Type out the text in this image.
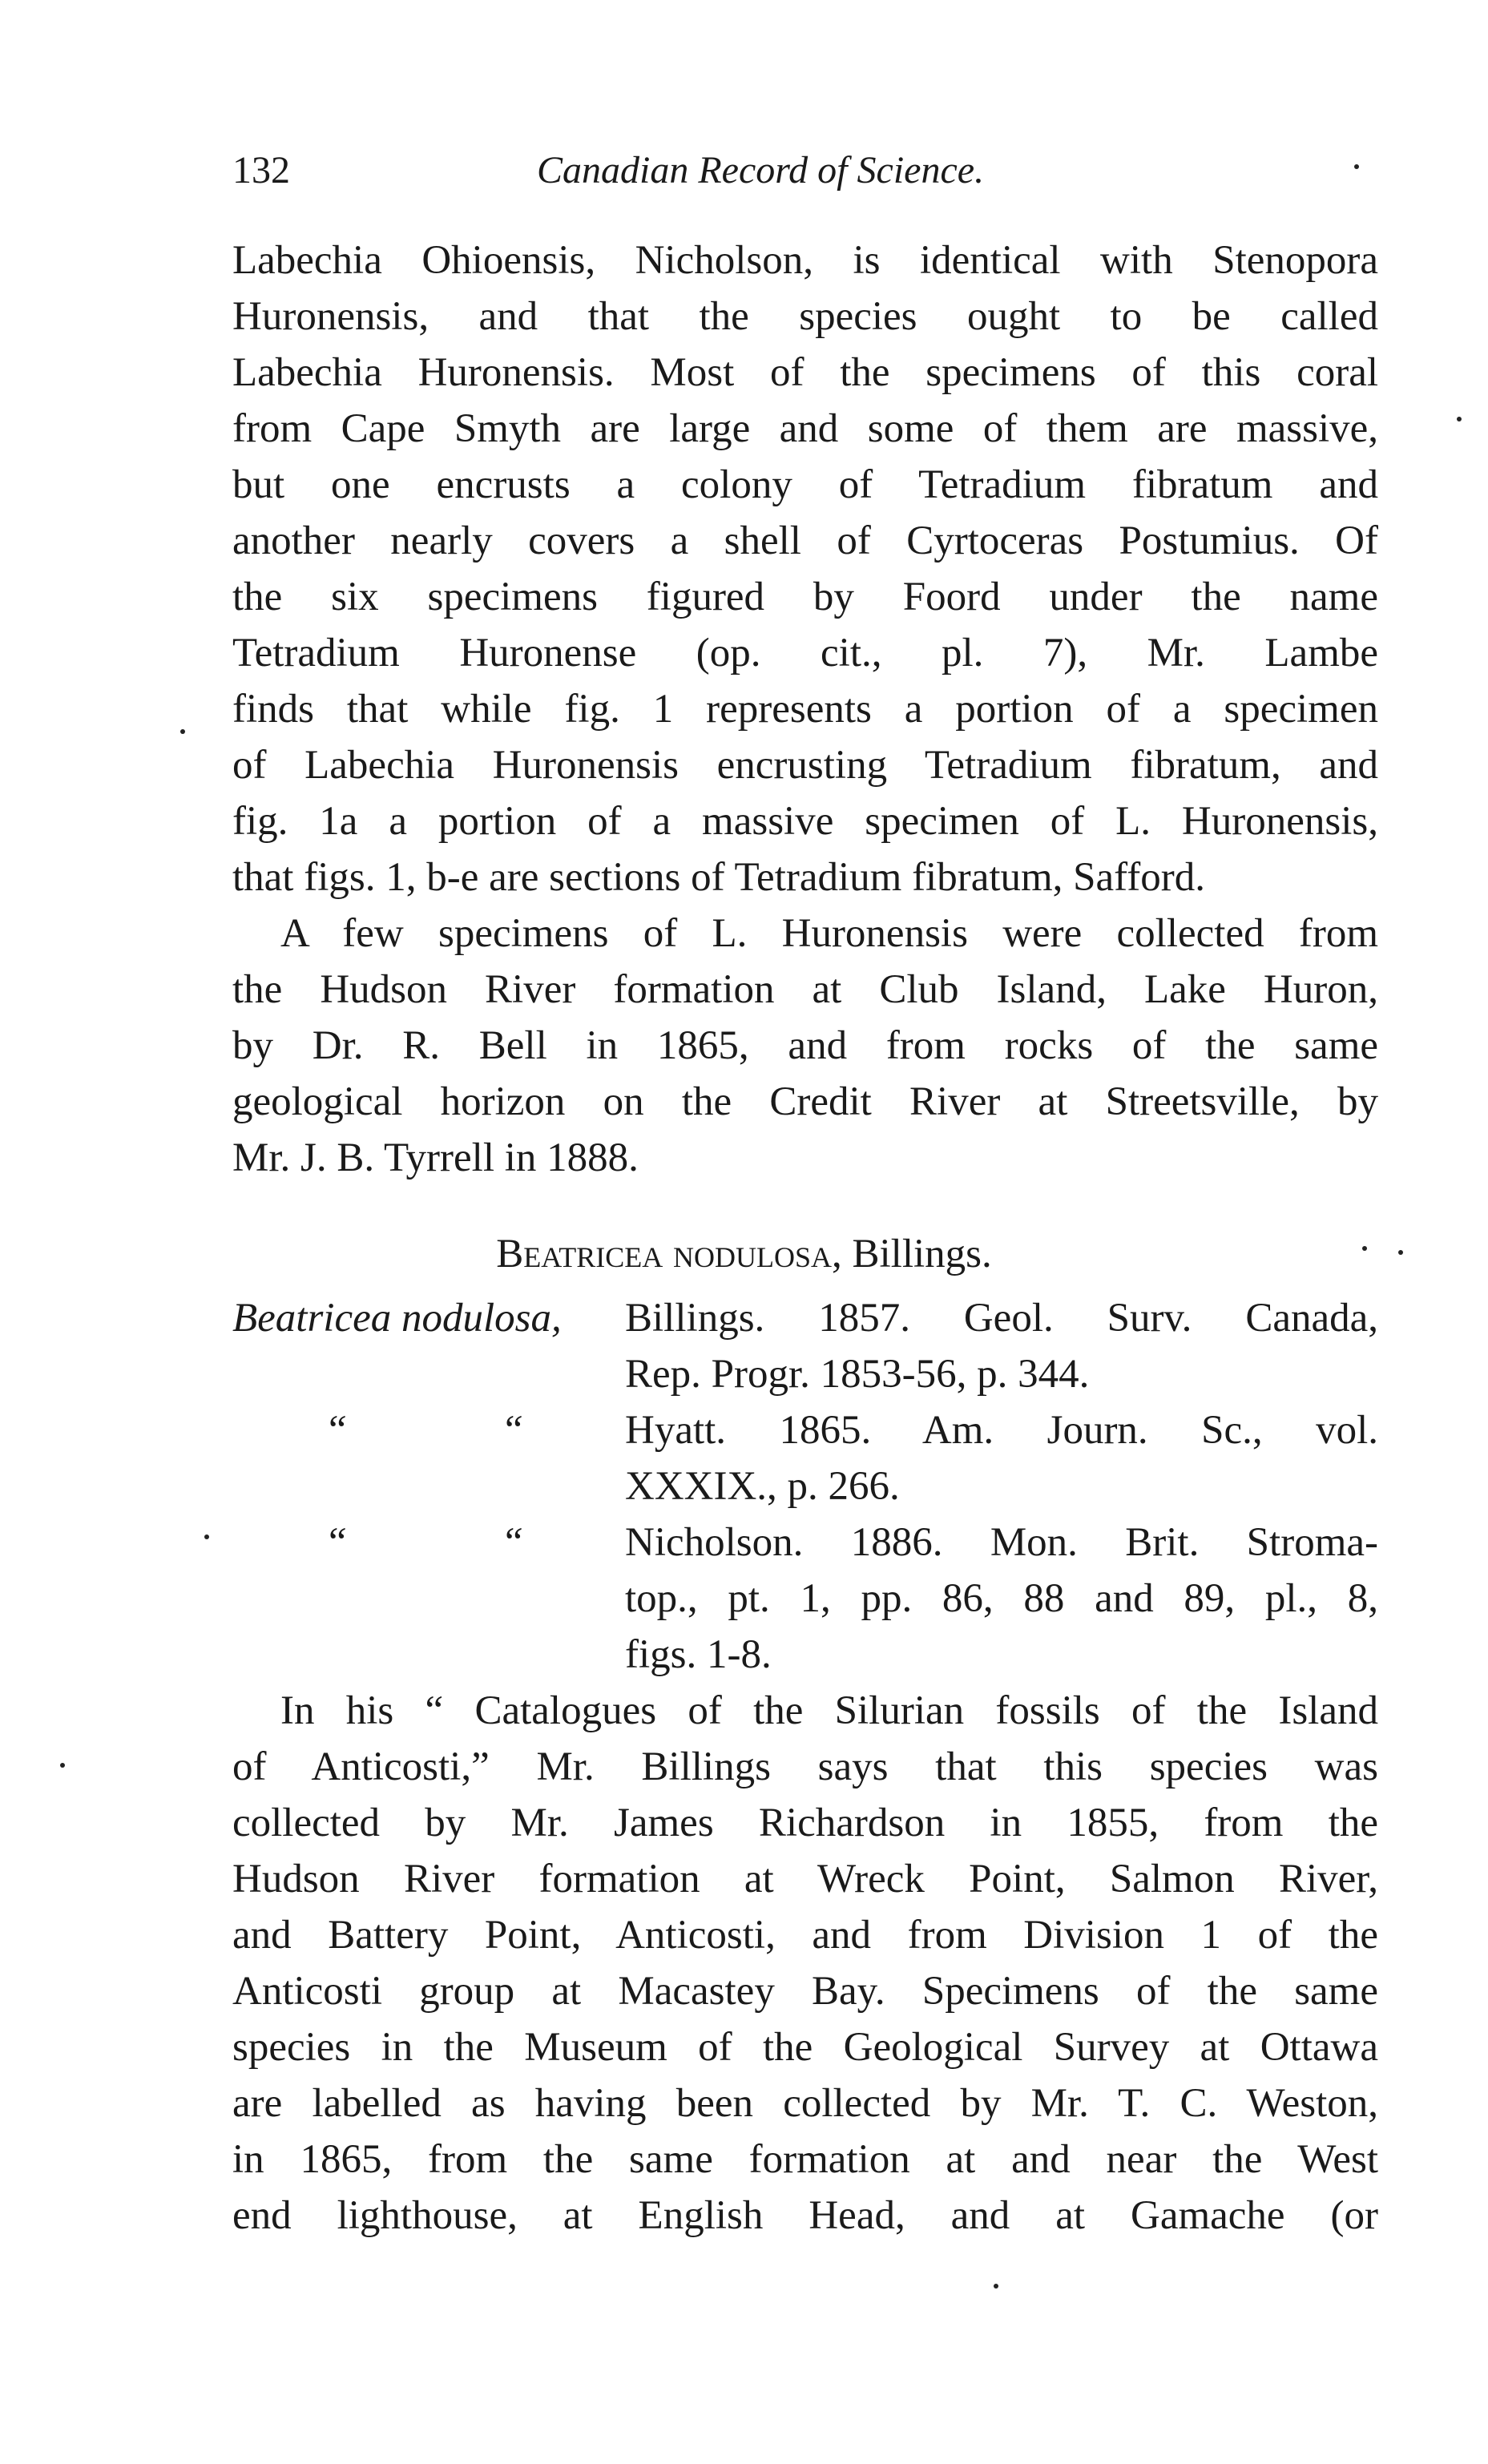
132	Canadian Record of Science.
Labechia Ohioensis, Nicholson, is identical with Stenopora
Huronensis, and that the species ought to be called
Labechia Huronensis. Most of the specimens of this coral
from Cape Smyth are large and some of them are massive,
but one encrusts a colony of Tetradium fibratum and
another nearly covers a shell of Cyrtoceras Postumius. Of
the six specimens figured by Foord under the name
Tetradium Huronense (op. cit., pl. 7), Mr. Lambe
finds that while fig. 1 represents a portion of a specimen
of Labechia Huronensis encrusting Tetradium fibratum, and
fig. 1a a portion of a massive specimen of L. Huronensis,
that figs. 1, b-e are sections of Tetradium fibratum, Safford.
A few specimens of L. Huronensis were collected from
the Hudson River formation at Club Island, Lake Huron,
by Dr. R. Bell in 1865, and from rocks of the same
geological horizon on the Credit River at Streetsville, by
Mr. J. B. Tyrrell in 1888.
Beatricea nodulosa, Billings.
Beatricea nodulosa, Billings. 1857. Geol. Surv. Canada,
Rep. Progr. 1853-56, p. 344.
“	“ Hyatt. 1865. Am. Journ. Sc., vol.
XXXIX., p. 266.
“	“ Nicholson. 1886. Mon. Brit. Stroma-
top., pt. 1, pp. 86, 88 and 89, pl., 8,
figs. 1-8.
In his “ Catalogues of the Silurian fossils of the Island
of Anticosti,” Mr. Billings says that this species was
collected by Mr. James Richardson in 1855, from the
Hudson River formation at Wreck Point, Salmon River,
and Battery Point, Anticosti, and from Division 1 of the
Anticosti group at Macastey Bay. Specimens of the same
species in the Museum of the Geological Survey at Ottawa
are labelled as having been collected by Mr. T. C. Weston,
in 1865, from the same formation at and near the West
end lighthouse, at English Head, and at Gamache (or
